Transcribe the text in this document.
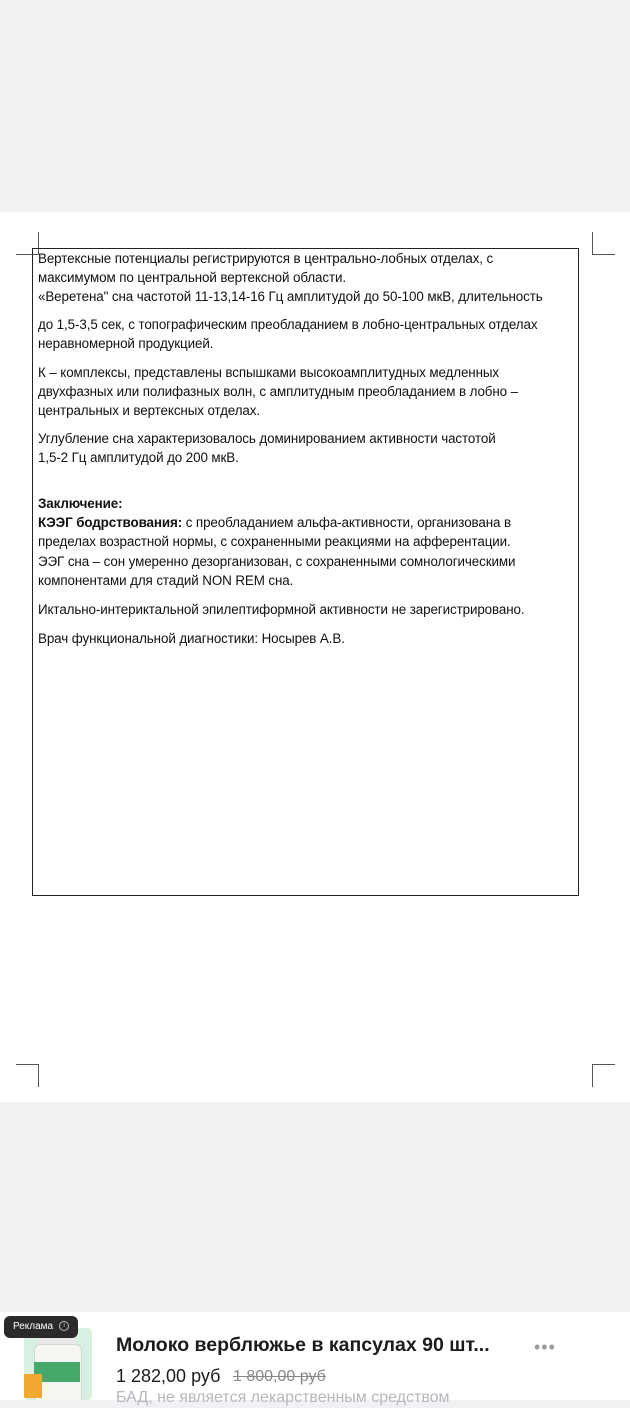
Вертексные потенциалы регистрируются в центрально-лобных отделах, с

максимумом по центральной вертексной области.

«Веретена" сна частотой 11-13,14-16 Гц амплитудой до 50-100 мкВ, длительность

до 1,5-3,5 сек, с топографическим преобладанием в лобно-центральных отделах

неравномерной продукцией.

К – комплексы, представлены вспышками высокоамплитудных медленных

двухфазных или полифазных волн, с амплитудным преобладанием в лобно –

центральных и вертексных отделах.

Углубление сна характеризовалось доминированием активности частотой

1,5-2 Гц амплитудой до 200 мкВ.

Заключение:

КЭЭГ бодрствования: с преобладанием альфа-активности, организована в

пределах возрастной нормы, с сохраненными реакциями на афферентации.

ЭЭГ сна – сон умеренно дезорганизован, с сохраненными сомнологическими

компонентами для стадий NON REM сна.

Иктально-интериктальной эпилептиформной активности не зарегистрировано.

Врач функциональной диагностики: Носырев А.В.

Реклама i
Молоко верблюжье в капсулах 90 шт...	•••
1 282,00 руб 1 800,00 руб
БАД, не является лекарственным средством
